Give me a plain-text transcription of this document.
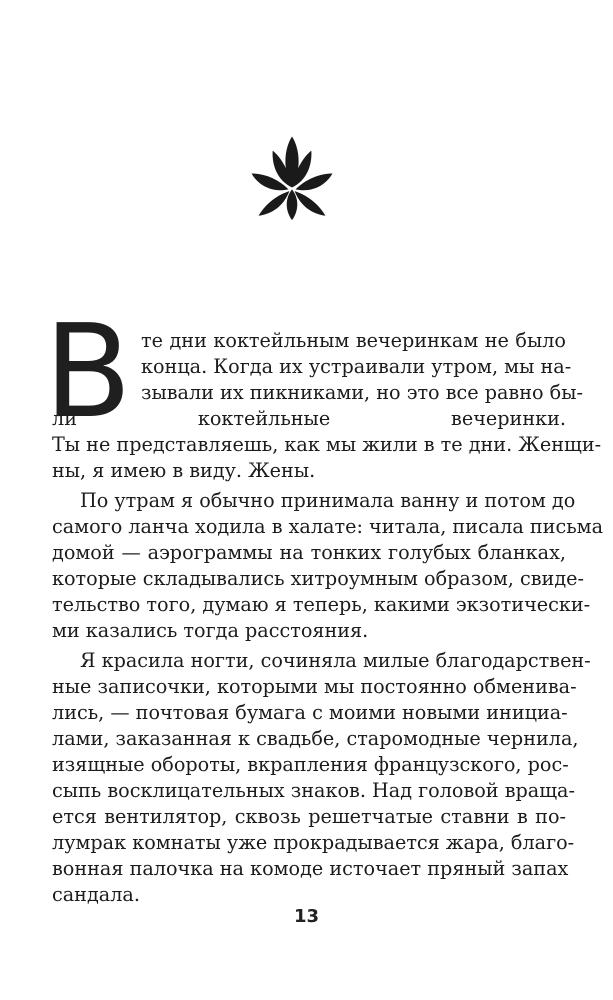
В те дни коктейльным вечеринкам не было
конца. Когда их устраивали утром, мы на-
зывали их пикниками, но это все равно бы-
ли коктейльные вечеринки.
Ты не представляешь, как мы жили в те дни. Женщи-
ны, я имею в виду. Жены.
По утрам я обычно принимала ванну и потом до
самого ланча ходила в халате: читала, писала письма
домой — аэрограммы на тонких голубых бланках,
которые складывались хитроумным образом, свиде-
тельство того, думаю я теперь, какими экзотически-
ми казались тогда расстояния.
Я красила ногти, сочиняла милые благодарствен-
ные записочки, которыми мы постоянно обменива-
лись, — почтовая бумага с моими новыми инициа-
лами, заказанная к свадьбе, старомодные чернила,
изящные обороты, вкрапления французского, рос-
сыпь восклицательных знаков. Над головой враща-
ется вентилятор, сквозь решетчатые ставни в по-
лумрак комнаты уже прокрадывается жара, благо-
вонная палочка на комоде источает пряный запах
сандала.
13
